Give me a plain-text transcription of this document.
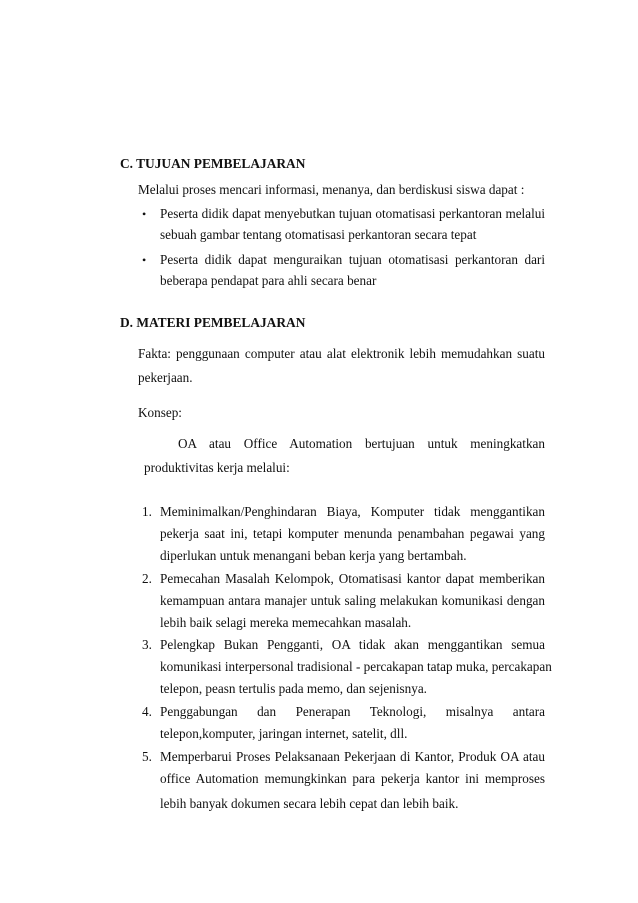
C. TUJUAN PEMBELAJARAN
Melalui proses mencari informasi, menanya, dan berdiskusi siswa dapat :
• Peserta didik dapat menyebutkan tujuan otomatisasi perkantoran melalui
sebuah gambar tentang otomatisasi perkantoran secara tepat
• Peserta didik dapat menguraikan tujuan otomatisasi perkantoran dari
beberapa pendapat para ahli secara benar
D. MATERI PEMBELAJARAN
Fakta: penggunaan computer atau alat elektronik lebih memudahkan suatu
pekerjaan.
Konsep:
OA atau Office Automation bertujuan untuk meningkatkan
produktivitas kerja melalui:
1. Meminimalkan/Penghindaran Biaya, Komputer tidak menggantikan
pekerja saat ini, tetapi komputer menunda penambahan pegawai yang
diperlukan untuk menangani beban kerja yang bertambah.
2. Pemecahan Masalah Kelompok, Otomatisasi kantor dapat memberikan
kemampuan antara manajer untuk saling melakukan komunikasi dengan
lebih baik selagi mereka memecahkan masalah.
3. Pelengkap Bukan Pengganti, OA tidak akan menggantikan semua
komunikasi interpersonal tradisional - percakapan tatap muka, percakapan
telepon, peasn tertulis pada memo, dan sejenisnya.
4. Penggabungan dan Penerapan Teknologi, misalnya antara
telepon,komputer, jaringan internet, satelit, dll.
5. Memperbarui Proses Pelaksanaan Pekerjaan di Kantor, Produk OA atau
office Automation memungkinkan para pekerja kantor ini memproses
lebih banyak dokumen secara lebih cepat dan lebih baik.
